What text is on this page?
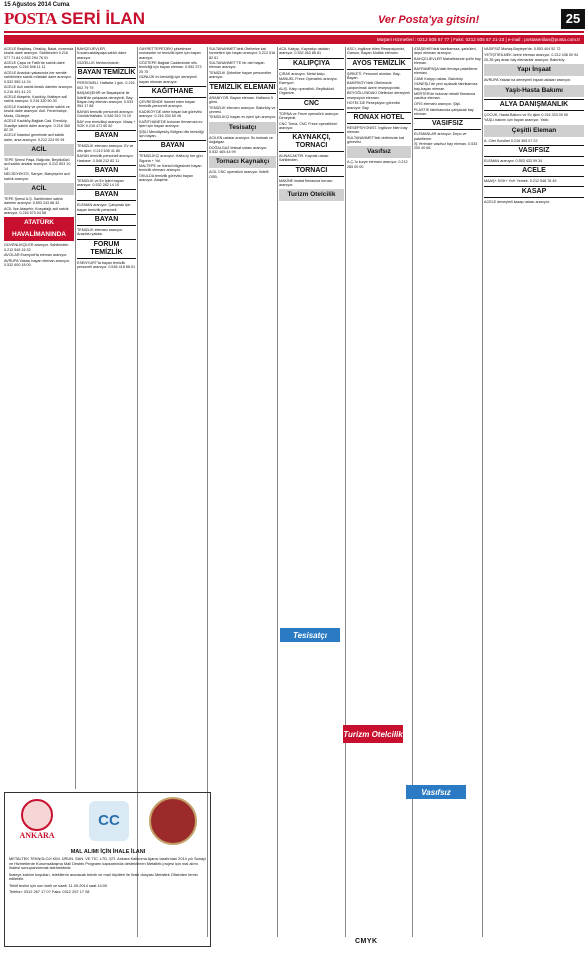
15 Ağustos 2014 Cuma
POSTA SERİ İLAN	Ver Posta'ya gitsin!	25
Müşteri Hizmetleri : 0212 505 67 77 | Faks: 0212 505 67 21-23 | e-mail : postaseriilan@posta.com.tr

ACELE Beşiktaş, Ortaköy, Balat, civarında kiralık daire aranıyor. Sahibinden 0.216 577 71 84 0.532 294 76 01

ACELE Çapa ve Fatih'de satılık daire aranıyor. 0.216 546 11 11

ACELE Anadolu yakasında her semtte sahibinden satılık müstakil daire aranıyor. 0.532 555 14 24

ACELE Acil satılık kiralık daireler aranıyor. 0.216 491 41 23

ACELE Ataşehir, Kadıköy, Maltepe acil satılık aranıyor. 0.216 330 50 30

ACELE Kadıköy ve çevresinde satılık ve kiralık daire aranıyor. Acil. Fenerbahçe, Moda, Göztepe.

ACELE Kadıköy-Bağdat Cad. Erenköy, Suadiye satılık daire aranıyor. 0.216 360 82 20

ACELE İstanbul genelinde acil satılık daire, arsa aranıyor. 0.212 224 00 94

ACİL

TEPE Şemsi Paşa, Bağcılar, Beylikdüzü acil satılık arsalar aranıyor. 0.212 603 10 14

NECİDİYEKÖY, Sarıyer, Bahçeşehir acil satılık aranıyor.

ACİL

TEPE Şemsi A.Ş. Sahibinden satılık daireler aranıyor. 0.553 243 68 42

ACİL İlçe Ataşehir, Kozyatağı acil satılık aranıyor. 0.216 573 04 58

ATATÜRK HAVALİMANINDA

GÜVENLİKÇİLER aranıyor. Sahibinden. 0.212 545 16 32

AVCILAR Esenyurt'ta eleman aranıyor.

AVRUPA Yakası bayan eleman aranıyor. 0.532 600 18 00

BAHÇELİEVLER, Kocamustafapaşa satılık daire aranıyor.

GÜZELLİK Merkezimizde.

BAYAN TEMİZLİK

PERSONELİ. Haftada 1 gün. 0.216 502 79 79

BAŞAKŞEHİR ve Başakşehir ile İkitelli'de çalışacak deneyimli, Bay-Bayan bay eleman aranıyor. 0.533 954 17 88

BAYAN temizlik personeli aranıyor. Günlük/Haftalık. 0.546 510 74 19

BAY eve temizlikçi aranıyor. Maaş + SGK 0.216 471 60 82

BAYAN

TEMİZLİK elemanı aranıyor. Ev ve ofis işleri. 0.212 635 41 80

BAYAN temizlik personeli aranıyor. Hastane. 0.548 212 82 11

BAYAN

TEMİZLİK ve Ev İşleri bayan aranıyor. 0.532 282 14 10

BAYAN

ELEMAN aranıyor. Çalışmak için bayan temizlik personeli.

BAYAN

TEMİZLİK elemanı aranıyor. Anadolu yakası.

FORUM TEMİZLİK

ESENYURT'ta bayan temizlik personeli aranıyor. 0.546 418 88 01

GAYRETTEPE'DEKİ şirketimize muhasebe ve temizlik işleri için bayan aranıyor.

GÖZTEPE Bağdat Caddesinde ofis temizliği için bayan eleman. 0.552 373 25 75

GÜNLÜK ev temizliği için deneyimli bayan eleman aranıyor.

KAĞITHANE

ÇEVRESİNDE ikamet eden bayan temizlik personeli aranıyor.

KADIKÖY'DE otele bayan kat görevlisi aranıyor. 0.216 330 50 46

KAĞITHANE'DE bulunan firmamıza ev işleri için bayan aranıyor.

ŞİŞLİ Mecidiyeköy Bölgesi ofis temizliği için bayan.

BAYAN

TEMİZLİKÇİ aranıyor. Hafta içi her gün. Sigorta + Yol.

MALTEPE ve Kartal bölgesinde bayan temizlik elemanı aranıyor.

OKULDA temizlik görevlisi bayan aranıyor. Ataşehir.

SULTANAHMET'deki Otelimize kat hizmetleri için bayan aranıyor. 0.212 516 82 61

SULTANAHMET'TE bir otel bayan eleman aranıyor.

TEMİZLİK Şirketine bayan personeller aranıyor.

TEMİZLİK ELEMANI

ARANIYOR. Bayan eleman. Haftanın 5 günü.

TEMİZLİK elemanı aranıyor. Bakırköy ve çevresi.

TEMİZLİKÇİ bayan ev işleri için aranıyor.

Tesisatçı

ACİLEN ustalar aranıyor. Su tesisatı ve doğalgaz.

DOĞALGAZ tesisat ustası aranıyor. 0.532 465 44 99

Tornacı Kaynakçı

ACİL CNC operatörü aranıyor. İkitelli OSB.

ACIL Kalıpçı, Kaynakçı ustaları aranıyor. 0.532 463 86 81

KALIPÇIYA

ÇIRAK aranıyor. Metal kalıp.

MANUEL Freze Operatörü aranıyor. Esenyurt.

ALIŞ. Kalıp operatörü. Beylikdüzü Organize.

CNC

TORNA ve Freze operatörü aranıyor. Deneyimli.

CNC Torna, CNC Freze operatörleri aranıyor.

KAYNAKÇI, TORNACI

ALINACAKTIR. Kaynak ustası. Sahibinden.

TORNACI

MAKİNE imalat firmasına tornacı aranıyor.

Turizm Otelcilik

ASCI, İngilizce bilen Resepsiyonist, Garson, Bayan Mutfak elemanı.

AYOS TEMİZLİK

ŞİRKETİ. Personel alımları. Bay-Bayan.

BAKIRKÖY'deki Otelimizde çalıştırılmak üzere resepsiyonist.

BEYOĞLU'NDAKİ Otelimize deneyimli resepsiyon elemanı.

HOTEL'DE Resepsiyon görevlisi aranıyor. Bay.

RONAX HOTEL

RESEPSİYONİST. İngilizce bilen bay eleman.

SULTANAHMET'teki otelimizde kat görevlisi.

Vasıfsız

A.Ç.'lu kurye elemanı aranıyor. 0.212 285 00 00

ATAŞEHİR'deki fabrikamıza, şarküteri, depo elemanı aranıyor.

BAHÇELİEVLER Mahallesinde şoför bay eleman.

BAYRAMPAŞA'daki firmaya paketleme elemanı.

CAMİ Kalıpçı ustası. Bakırköy.

GÜNEŞLİ'de yeni açılacak fabrikamıza bay-bayan eleman.

MERTER'de bulunan tekstil firmasına vasıfsız eleman.

OFİS elemanı aranıyor. Şişli.

PLASTİK fabrikasında çalışacak bay eleman.

VASIFSIZ

ELEMANLAR aranıyor. Depo ve paketleme.

İŞ Yerimize vasıfsız bay eleman. 0.533 200 40 66

VASIFSIZ Mortaş Baytepe'de. 0.553 404 52 72

YETİŞTİRİLMEK üzere eleman aranıyor. 0.212 438 00 94

20-35 yaş arası bay elemanlar aranıyor. Bakırköy.

Yapı İnşaat

AVRUPA Yakası'na deneyimli inşaat ustaları aranıyor.

Yaşlı-Hasta Bakımı
ALYA DANIŞMANLIK

ÇOCUK, Hasta Bakımı ve Ev işleri 0.216 333 00 00

YAŞLI bakımı için bayan aranıyor. Yatılı.

Çeşitli Eleman

A. Ciler Bordirei 0.216 365 07 22

VASIFSIZ

ELEMAN aranıyor. 0.553 433 09 34

ACELE

MAAŞ+ SGK+ Yol+ Yemek. 0.212 548 78 49

KASAP

ACELE deneyimli kasap ustası aranıyor.

ANKARA
CC
MAL ALIMI İÇİN İHALE İLANI

METALTEK TEKNOLOJİ KİM. ÜRÜN. SAN. VE TİC. LTD. ŞTİ. Ankara Kalkınma Ajansı tarafından 2014 yılı Sanayi ve Hizmetlerde Kurumsallaşma Mali Destek Programı kapsamında desteklenen Metaltek projesi için mal alımı ihalesi sonuçlandırmak istemektedir.

İhaleye katılım koşulları, isteklilerin aranacak teknik ve mali ölçütleri ile ihale dosyası Metaltek Ofisinden temin edilebilir.

Teklif teslim için son tarih ve saati: 11.09.2014 saat 14:00

Telefon: 0312 267 17 07 Faks: 0312 267 17 08

Tesisatçı
Turizm Otelcilik
Vasıfsız
CMYK
